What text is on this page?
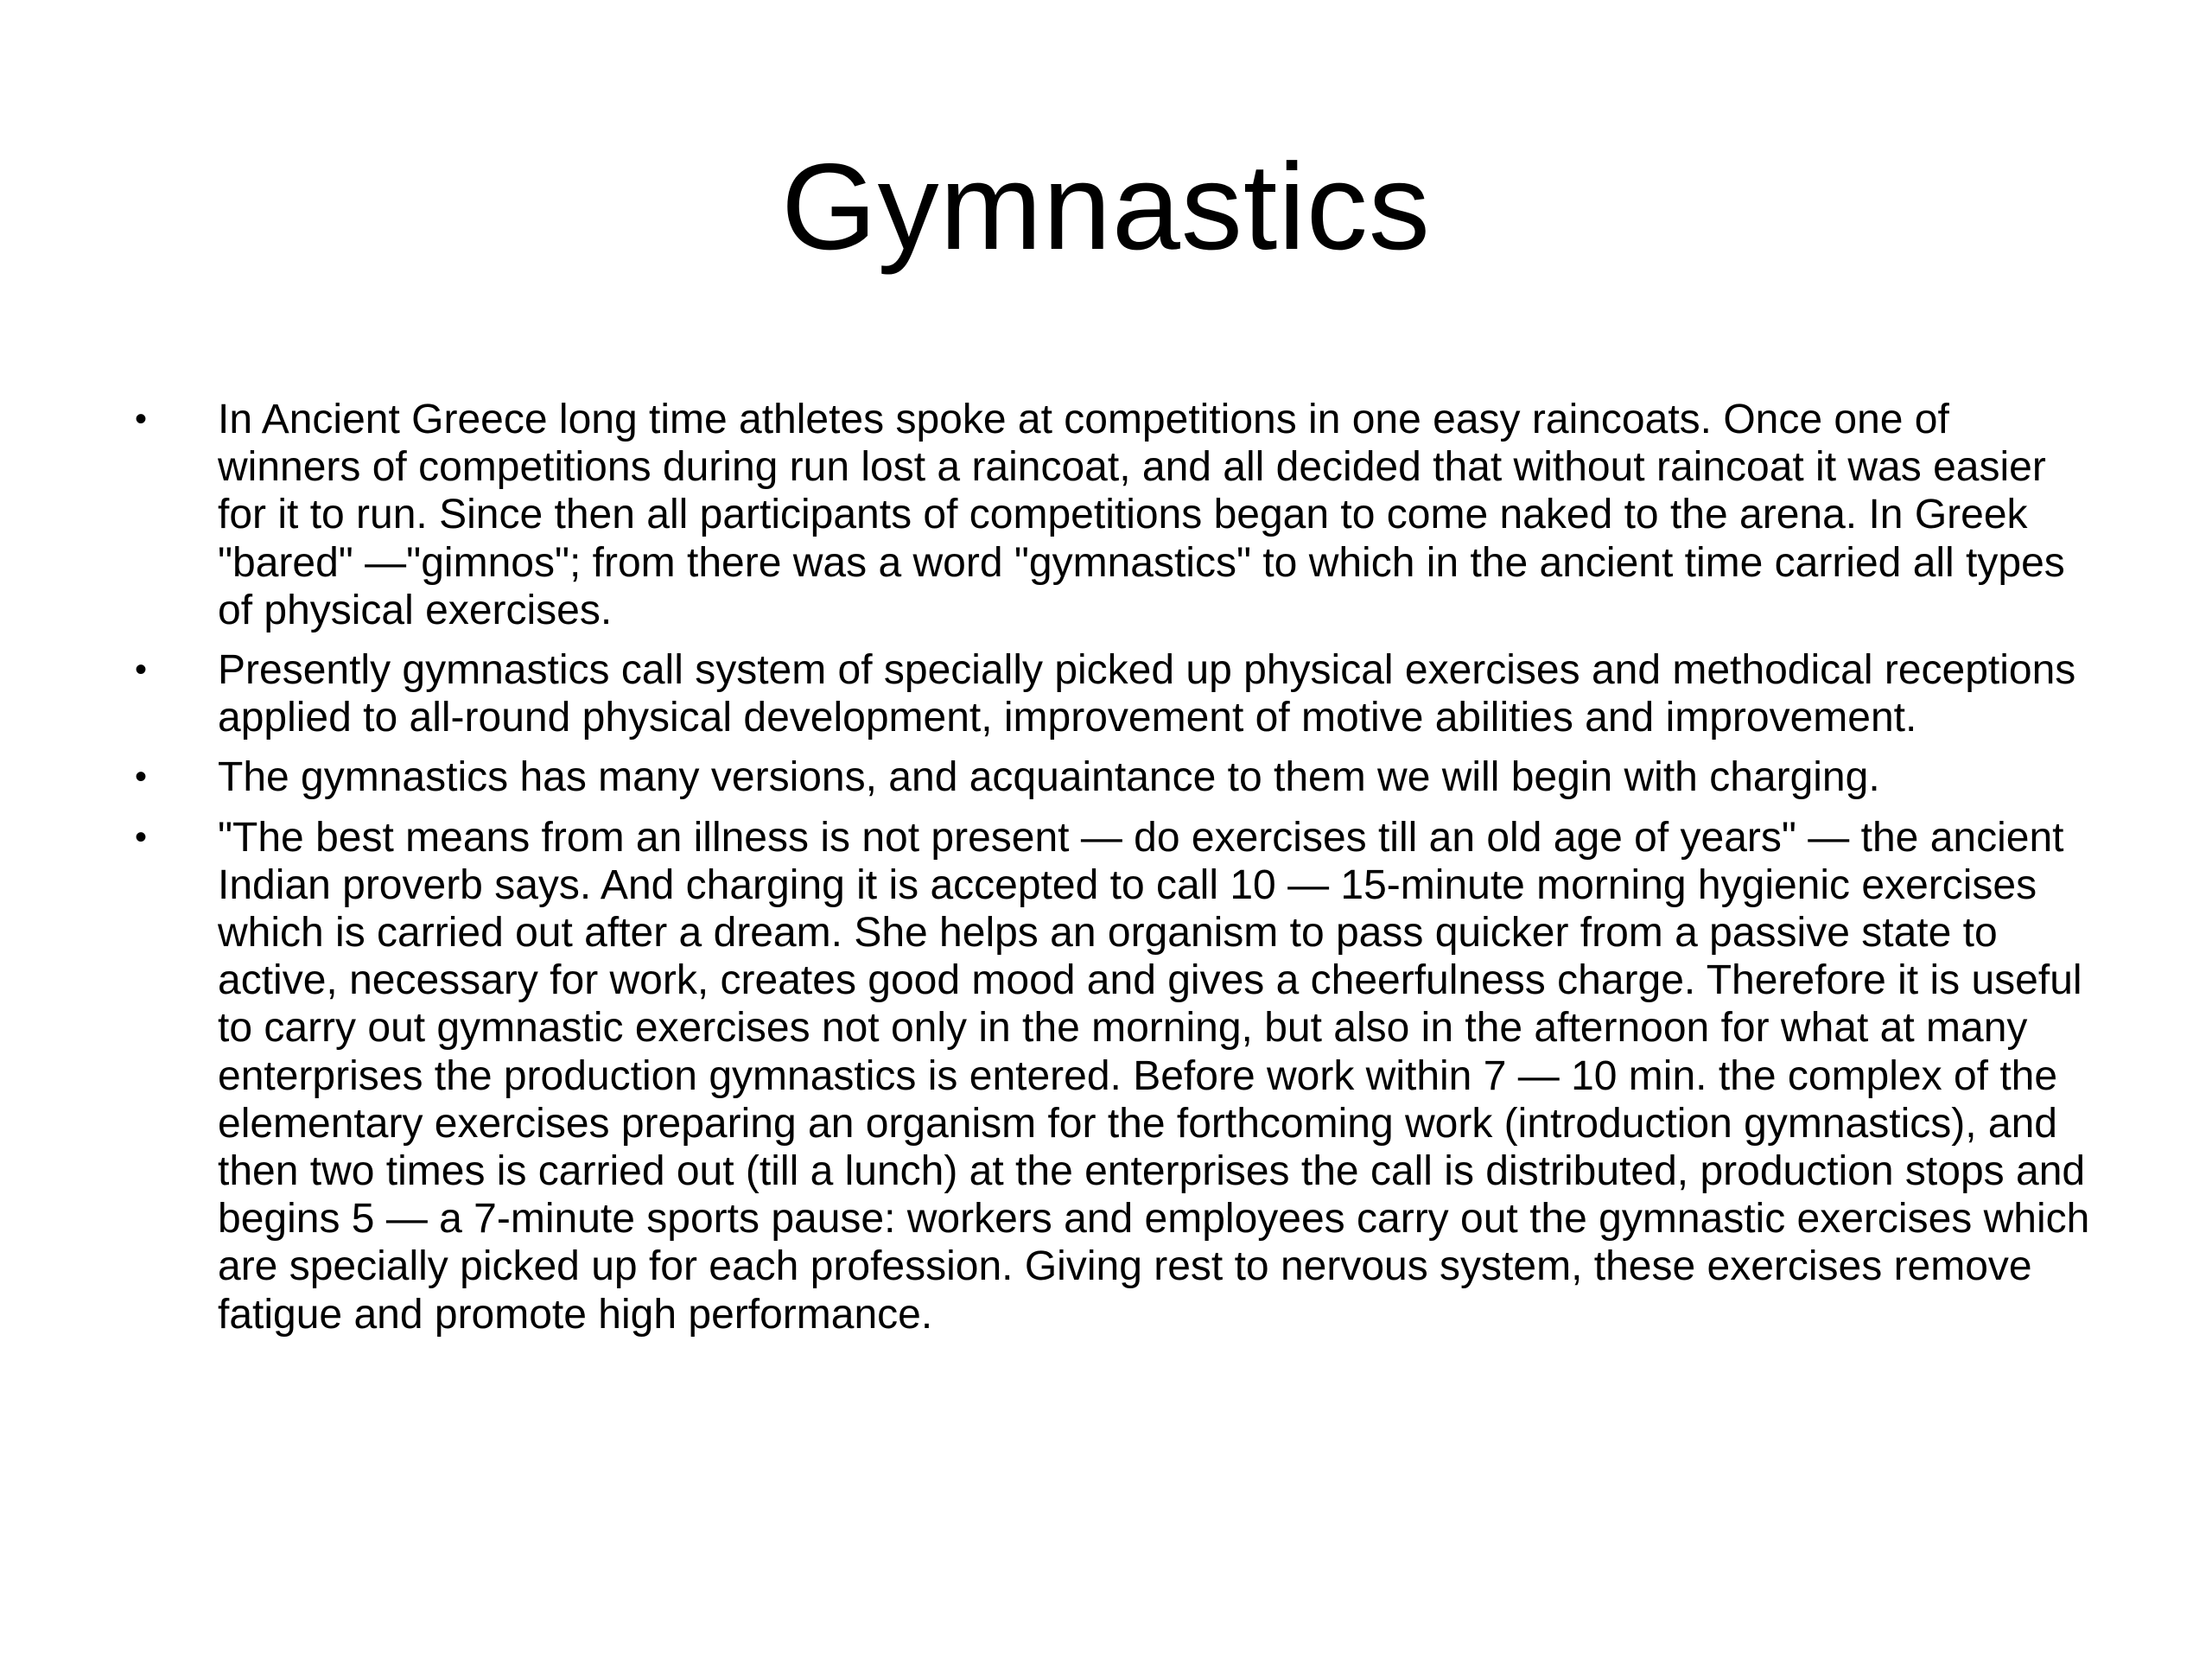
Gymnastics
• In Ancient Greece long time athletes spoke at competitions in one easy raincoats. Once one of winners of competitions during run lost a raincoat, and all decided that without raincoat it was easier for it to run. Since then all participants of competitions began to come naked to the arena. In Greek "bared" —"gimnos"; from there was a word "gymnastics" to which in the ancient time carried all types of physical exercises.
• Presently gymnastics call system of specially picked up physical exercises and methodical receptions applied to all-round physical development, improvement of motive abilities and improvement.
• The gymnastics has many versions, and acquaintance to them we will begin with charging.
• "The best means from an illness is not present — do exercises till an old age of years" — the ancient Indian proverb says. And charging it is accepted to call 10 — 15-minute morning hygienic exercises which is carried out after a dream. She helps an organism to pass quicker from a passive state to active, necessary for work, creates good mood and gives a cheerfulness charge. Therefore it is useful to carry out gymnastic exercises not only in the morning, but also in the afternoon for what at many enterprises the production gymnastics is entered. Before work within 7 — 10 min. the complex of the elementary exercises preparing an organism for the forthcoming work (introduction gymnastics), and then two times is carried out (till a lunch) at the enterprises the call is distributed, production stops and begins 5 — a 7-minute sports pause: workers and employees carry out the gymnastic exercises which are specially picked up for each profession. Giving rest to nervous system, these exercises remove fatigue and promote high performance.
